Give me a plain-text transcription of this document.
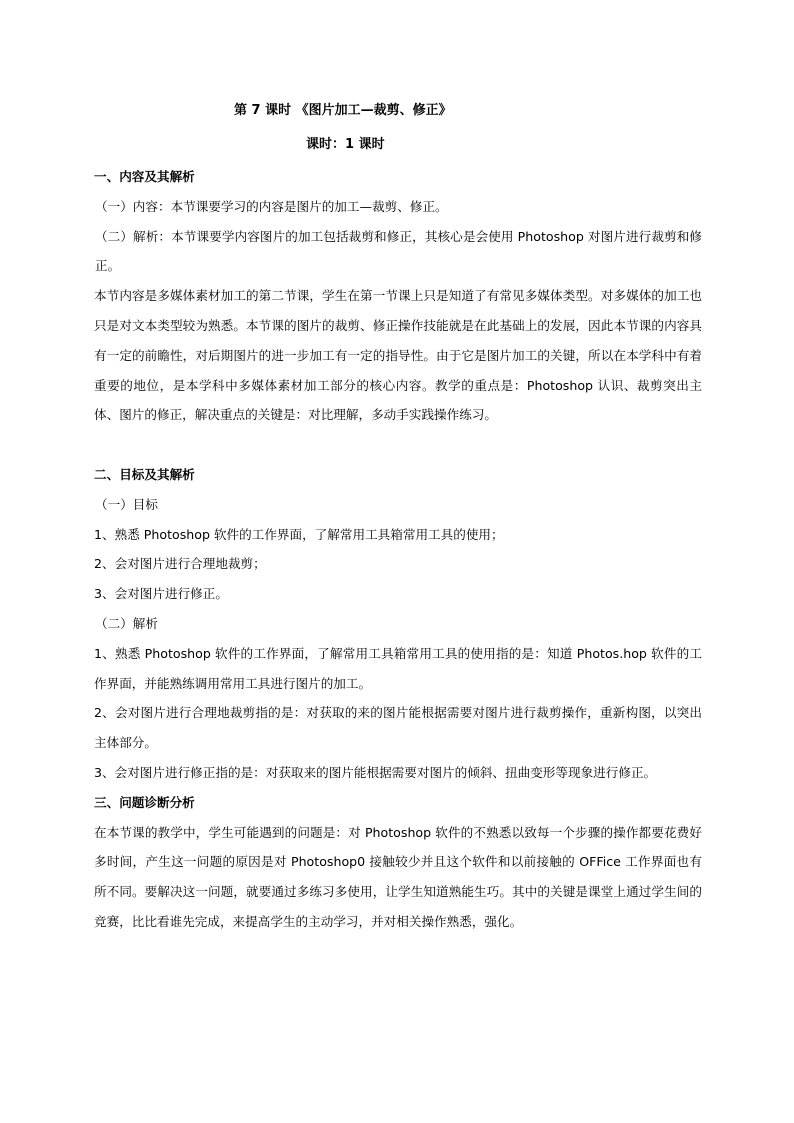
第 7 课时 《图片加工—裁剪、修正》
课时：1 课时

一、内容及其解析

（一）内容：本节课要学习的内容是图片的加工—裁剪、修正。

（二）解析：本节课要学内容图片的加工包括裁剪和修正，其核心是会使用 Photoshop 对图片进行裁剪和修正。

本节内容是多媒体素材加工的第二节课，学生在第一节课上只是知道了有常见多媒体类型。对多媒体的加工也只是对文本类型较为熟悉。本节课的图片的裁剪、修正操作技能就是在此基础上的发展，因此本节课的内容具有一定的前瞻性，对后期图片的进一步加工有一定的指导性。由于它是图片加工的关键，所以在本学科中有着重要的地位，是本学科中多媒体素材加工部分的核心内容。教学的重点是：Photoshop 认识、裁剪突出主体、图片的修正，解决重点的关键是：对比理解，多动手实践操作练习。

二、目标及其解析

（一）目标

1、熟悉 Photoshop 软件的工作界面，了解常用工具箱常用工具的使用；

2、会对图片进行合理地裁剪；

3、会对图片进行修正。

（二）解析

1、熟悉 Photoshop 软件的工作界面，了解常用工具箱常用工具的使用指的是：知道 Photos.hop 软件的工作界面，并能熟练调用常用工具进行图片的加工。

2、会对图片进行合理地裁剪指的是：对获取的来的图片能根据需要对图片进行裁剪操作，重新构图，以突出主体部分。

3、会对图片进行修正指的是：对获取来的图片能根据需要对图片的倾斜、扭曲变形等现象进行修正。

三、问题诊断分析

在本节课的教学中，学生可能遇到的问题是：对 Photoshop 软件的不熟悉以致每一个步骤的操作都要花费好多时间，产生这一问题的原因是对 Photoshop0 接触较少并且这个软件和以前接触的 OFFice 工作界面也有所不同。要解决这一问题，就要通过多练习多使用，让学生知道熟能生巧。其中的关键是课堂上通过学生间的竞赛，比比看谁先完成，来提高学生的主动学习，并对相关操作熟悉，强化。
